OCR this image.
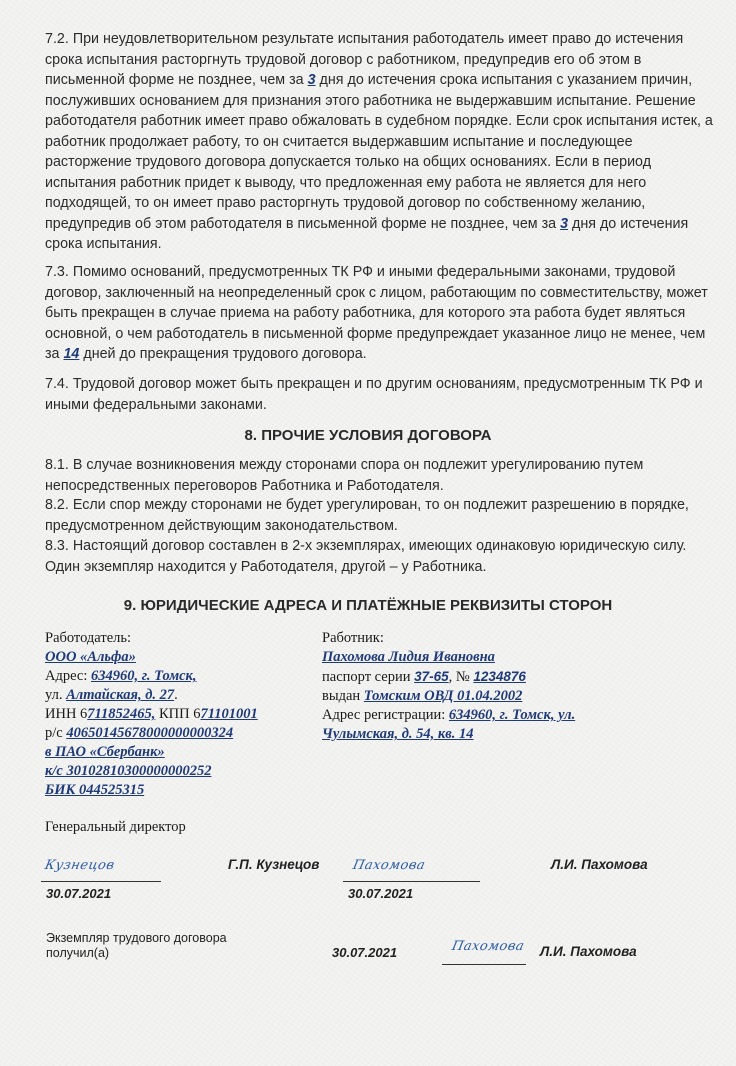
7.2. При неудовлетворительном результате испытания работодатель имеет право до истечения срока испытания расторгнуть трудовой договор с работником, предупредив его об этом в письменной форме не позднее, чем за 3 дня до истечения срока испытания с указанием причин, послуживших основанием для признания этого работника не выдержавшим испытание. Решение работодателя работник имеет право обжаловать в судебном порядке. Если срок испытания истек, а работник продолжает работу, то он считается выдержавшим испытание и последующее расторжение трудового договора допускается только на общих основаниях. Если в период испытания работник придет к выводу, что предложенная ему работа не является для него подходящей, то он имеет право расторгнуть трудовой договор по собственному желанию, предупредив об этом работодателя в письменной форме не позднее, чем за 3 дня до истечения срока испытания.

7.3. Помимо оснований, предусмотренных ТК РФ и иными федеральными законами, трудовой договор, заключенный на неопределенный срок с лицом, работающим по совместительству, может быть прекращен в случае приема на работу работника, для которого эта работа будет являться основной, о чем работодатель в письменной форме предупреждает указанное лицо не менее, чем за 14 дней до прекращения трудового договора.

7.4. Трудовой договор может быть прекращен и по другим основаниям, предусмотренным ТК РФ и иными федеральными законами.

8. ПРОЧИЕ УСЛОВИЯ ДОГОВОРА

8.1. В случае возникновения между сторонами спора он подлежит урегулированию путем непосредственных переговоров Работника и Работодателя.

8.2. Если спор между сторонами не будет урегулирован, то он подлежит разрешению в порядке, предусмотренном действующим законодательством.

8.3. Настоящий договор составлен в 2-х экземплярах, имеющих одинаковую юридическую силу. Один экземпляр находится у Работодателя, другой – у Работника.

9. ЮРИДИЧЕСКИЕ АДРЕСА И ПЛАТЁЖНЫЕ РЕКВИЗИТЫ СТОРОН
Работодатель:
ООО «Альфа»
Адрес: 634960, г. Томск,
ул. Алтайская, д. 27.
ИНН 6711852465, КПП 671101001
р/с 40650145678000000000324
в ПАО «Сбербанк»
к/с 30102810300000000252
БИК 044525315
Работник:
Пахомова Лидия Ивановна
паспорт серии 37-65, № 1234876
выдан Томским ОВД 01.04.2002
Адрес регистрации: 634960, г. Томск, ул.
Чулымская, д. 54, кв. 14
Генеральный директор
Кузнецов	Г.П. Кузнецов
30.07.2021
Пахомова	Л.И. Пахомова
30.07.2021
Экземпляр трудового договора
получил(а)	30.07.2021	Пахомова Л.И. Пахомова
